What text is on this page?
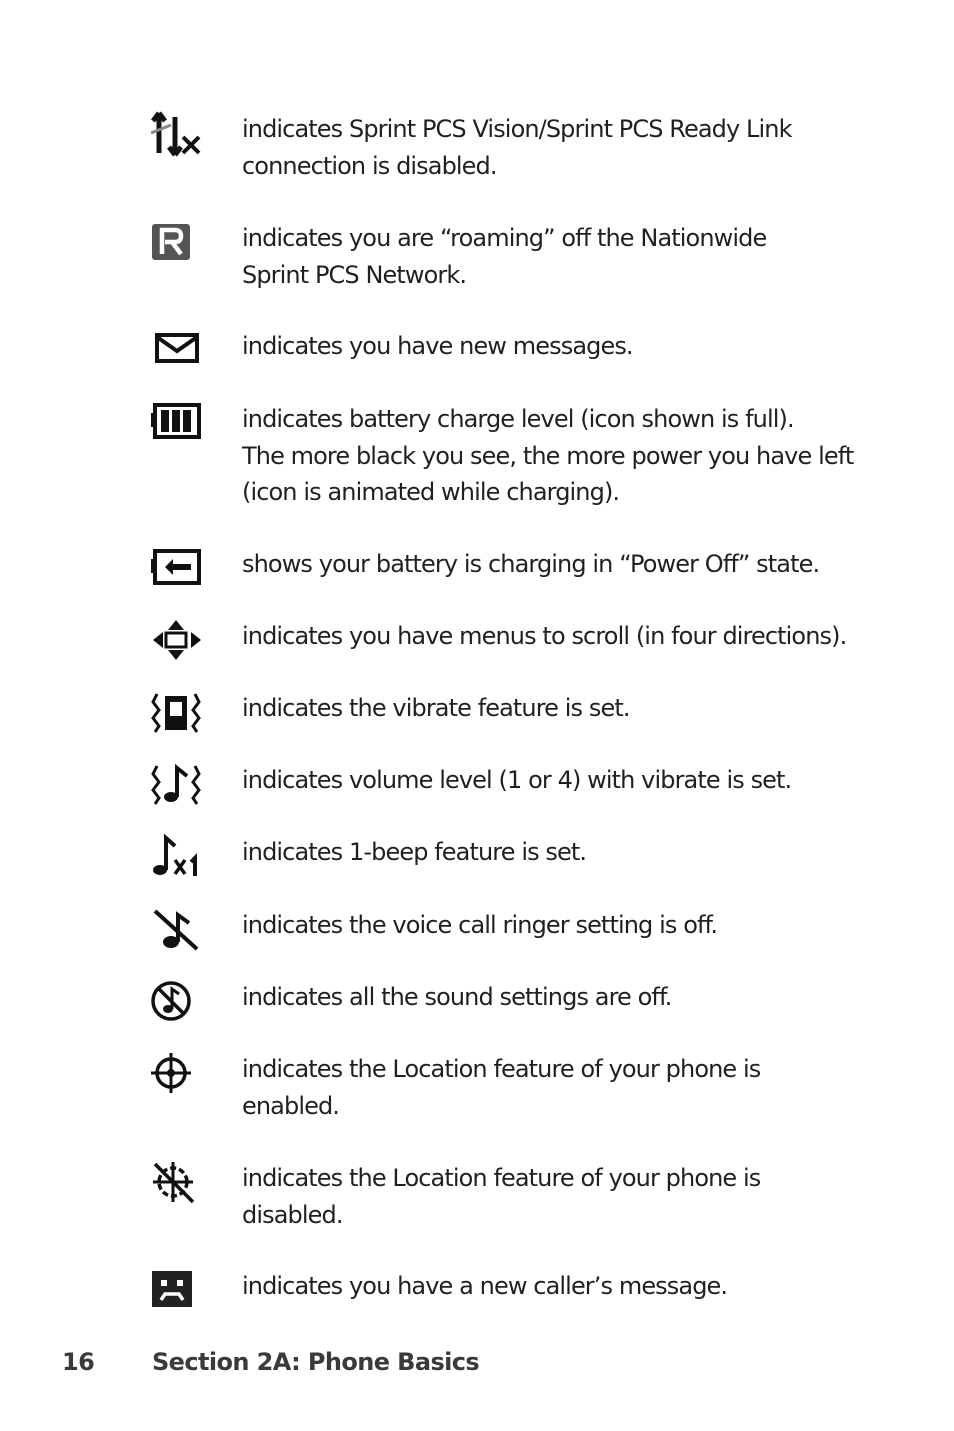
indicates Sprint PCS Vision/Sprint PCS Ready Link
connection is disabled.
indicates you are “roaming” off the Nationwide
Sprint PCS Network.
indicates you have new messages.
indicates battery charge level (icon shown is full).
The more black you see, the more power you have left
(icon is animated while charging).
shows your battery is charging in “Power Off” state.
indicates you have menus to scroll (in four directions).
indicates the vibrate feature is set.
indicates volume level (1 or 4) with vibrate is set.
indicates 1-beep feature is set.
indicates the voice call ringer setting is off.
indicates all the sound settings are off.
indicates the Location feature of your phone is
enabled.
indicates the Location feature of your phone is
disabled.
indicates you have a new caller’s message.
16 Section 2A: Phone Basics
